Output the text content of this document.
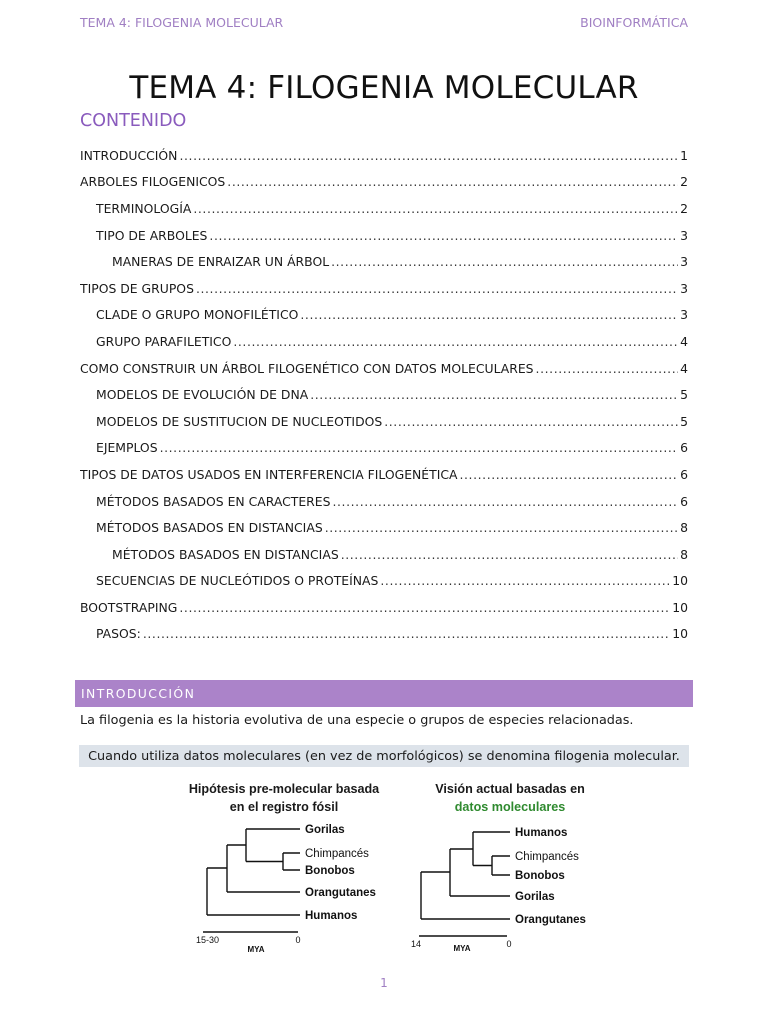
TEMA 4: FILOGENIA MOLECULAR	BIOINFORMÁTICA
TEMA 4: FILOGENIA MOLECULAR
CONTENIDO
INTRODUCCIÓN .....	1
ARBOLES FILOGENICOS .....	2
TERMINOLOGÍA .....	2
TIPO DE ARBOLES .....	3
MANERAS DE ENRAIZAR UN ÁRBOL .....	3
TIPOS DE GRUPOS .....	3
CLADE O GRUPO MONOFILÉTICO .....	3
GRUPO PARAFILETICO .....	4
COMO CONSTRUIR UN ÁRBOL FILOGENÉTICO CON DATOS MOLECULARES .....	4
MODELOS DE EVOLUCIÓN DE DNA .....	5
MODELOS DE SUSTITUCION DE NUCLEOTIDOS .....	5
EJEMPLOS .....	6
TIPOS DE DATOS USADOS EN INTERFERENCIA FILOGENÉTICA .....	6
MÉTODOS BASADOS EN CARACTERES .....	6
MÉTODOS BASADOS EN DISTANCIAS .....	8
MÉTODOS BASADOS EN DISTANCIAS .....	8
SECUENCIAS DE NUCLEÓTIDOS O PROTEÍNAS .....	10
BOOTSTRAPING .....	10
PASOS: .....	10
INTRODUCCIÓN

La filogenia es la historia evolutiva de una especie o grupos de especies relacionadas.

Cuando utiliza datos moleculares (en vez de morfológicos) se denomina filogenia molecular.
Hipótesis pre-molecular basada
en el registro fósil
Visión actual basadas en
datos moleculares
Gorilas
Chimpancés
Bonobos
Orangutanes
Humanos
15-30	0
MYA
Humanos
Chimpancés
Bonobos
Gorilas
Orangutanes
14	0
MYA
1
